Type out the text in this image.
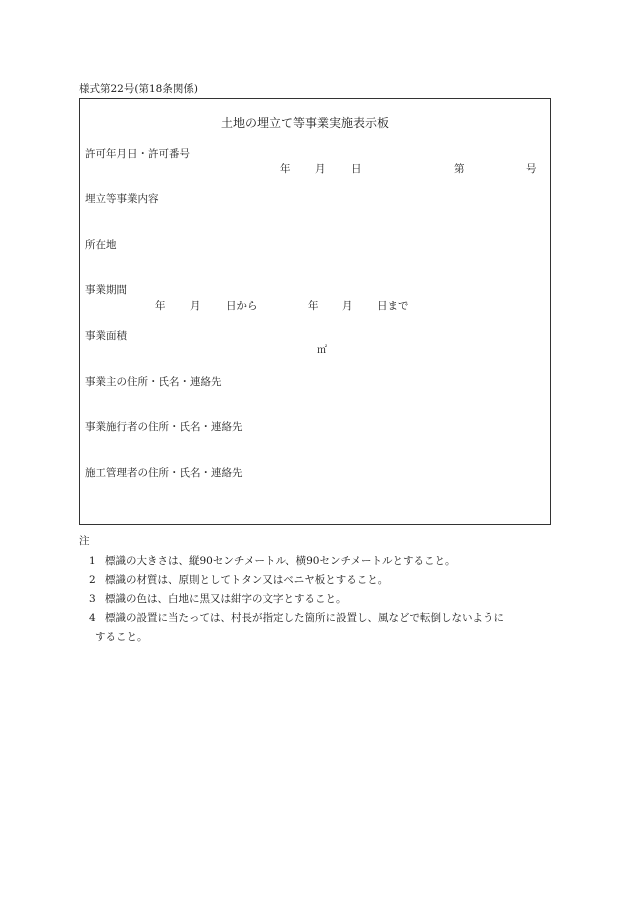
様式第22号(第18条関係)
土地の埋立て等事業実施表示板
許可年月日・許可番号
年 月 日	第	号
埋立等事業内容
所在地
事業期間
年 月 日から	年 月 日まで
事業面積
㎡
事業主の住所・氏名・連絡先
事業施行者の住所・氏名・連絡先
施工管理者の住所・氏名・連絡先
注
1 標識の大きさは、縦90センチメートル、横90センチメートルとすること。
2 標識の材質は、原則としてトタン又はベニヤ板とすること。
3 標識の色は、白地に黒又は紺字の文字とすること。
4 標識の設置に当たっては、村長が指定した箇所に設置し、風などで転倒しないように
すること。
